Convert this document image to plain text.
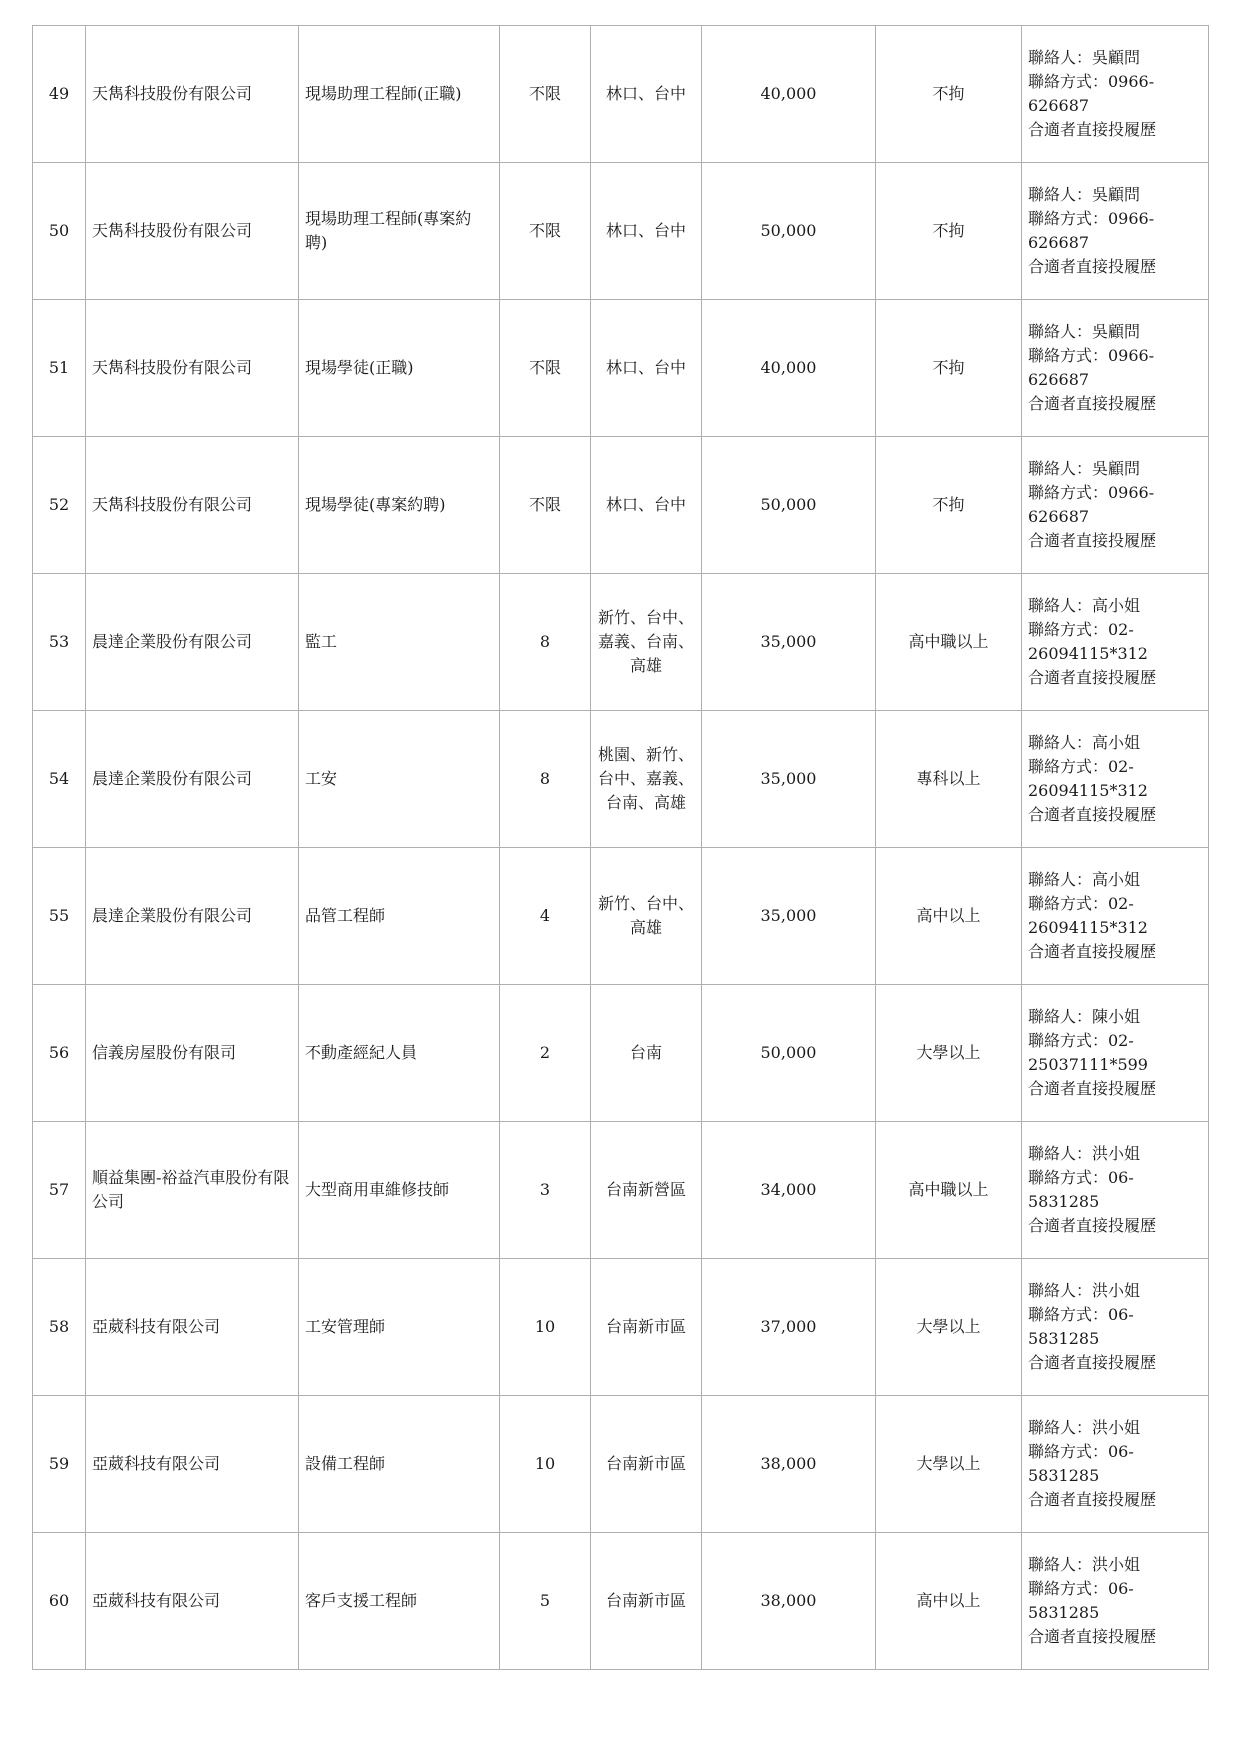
49	天雋科技股份有限公司	現場助理工程師(正職)	不限	林口、台中	40,000	不拘	聯絡人：吳顧問
聯絡方式：0966-
626687
合適者直接投履歷

50	天雋科技股份有限公司	現場助理工程師(專案約聘)	不限	林口、台中	50,000	不拘	聯絡人：吳顧問
聯絡方式：0966-
626687
合適者直接投履歷

51	天雋科技股份有限公司	現場學徒(正職)	不限	林口、台中	40,000	不拘	聯絡人：吳顧問
聯絡方式：0966-
626687
合適者直接投履歷

52	天雋科技股份有限公司	現場學徒(專案約聘)	不限	林口、台中	50,000	不拘	聯絡人：吳顧問
聯絡方式：0966-
626687
合適者直接投履歷

53	晨達企業股份有限公司	監工	8	新竹、台中、嘉義、台南、高雄	35,000	高中職以上	聯絡人：高小姐
聯絡方式：02-
26094115*312
合適者直接投履歷

54	晨達企業股份有限公司	工安	8	桃園、新竹、台中、嘉義、台南、高雄	35,000	專科以上	聯絡人：高小姐
聯絡方式：02-
26094115*312
合適者直接投履歷

55	晨達企業股份有限公司	品管工程師	4	新竹、台中、高雄	35,000	高中以上	聯絡人：高小姐
聯絡方式：02-
26094115*312
合適者直接投履歷

56	信義房屋股份有限司	不動產經紀人員	2	台南	50,000	大學以上	聯絡人：陳小姐
聯絡方式：02-
25037111*599
合適者直接投履歷

57	順益集團-裕益汽車股份有限公司	大型商用車維修技師	3	台南新營區	34,000	高中職以上	聯絡人：洪小姐
聯絡方式：06-
5831285
合適者直接投履歷

58	亞葳科技有限公司	工安管理師	10	台南新市區	37,000	大學以上	聯絡人：洪小姐
聯絡方式：06-
5831285
合適者直接投履歷

59	亞葳科技有限公司	設備工程師	10	台南新市區	38,000	大學以上	聯絡人：洪小姐
聯絡方式：06-
5831285
合適者直接投履歷

60	亞葳科技有限公司	客戶支援工程師	5	台南新市區	38,000	高中以上	聯絡人：洪小姐
聯絡方式：06-
5831285
合適者直接投履歷
